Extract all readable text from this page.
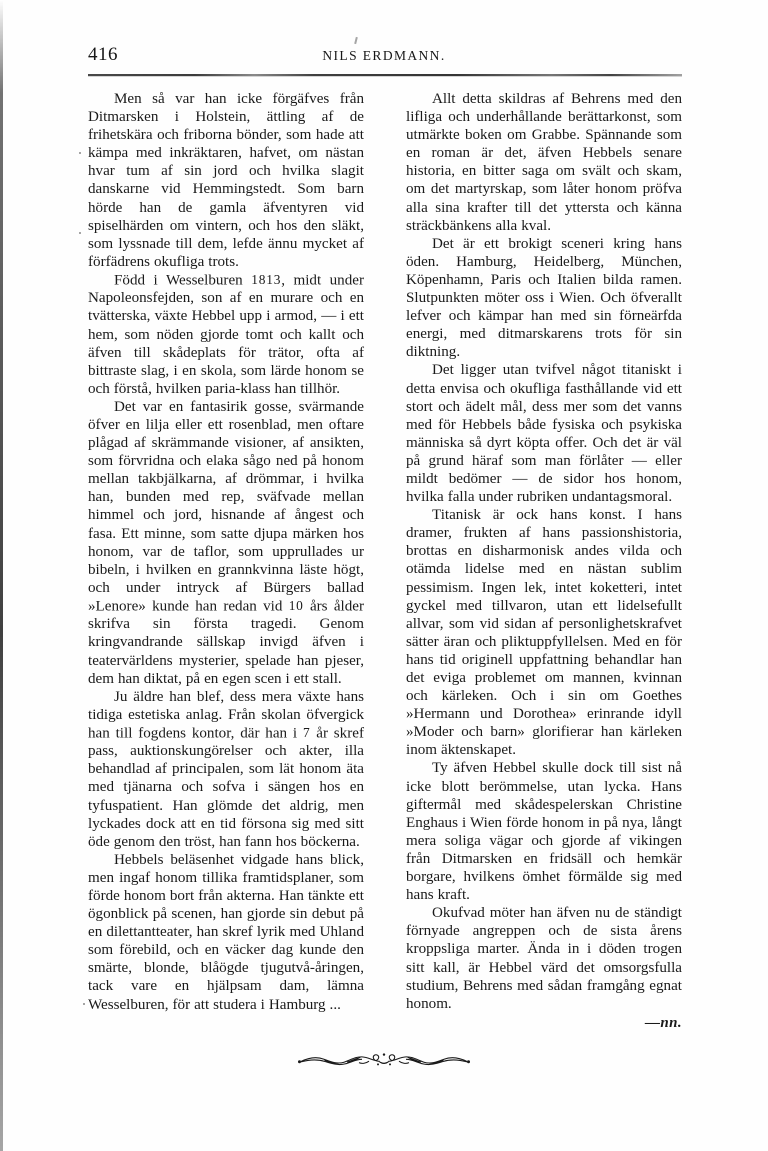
416	NILS ERDMANN.

Men så var han icke förgäfves från Ditmarsken i Holstein, ättling af de frihetskära och friborna bönder, som hade att kämpa med inkräktaren, hafvet, om nästan hvar tum af sin jord och hvilka slagit danskarne vid Hemmingstedt. Som barn hörde han de gamla äfventyren vid spiselhärden om vintern, och hos den släkt, som lyssnade till dem, lefde ännu mycket af förfädrens okufliga trots.

Född i Wesselburen 1813, midt under Napoleonsfejden, son af en murare och en tvätterska, växte Hebbel upp i armod, — i ett hem, som nöden gjorde tomt och kallt och äfven till skådeplats för trätor, ofta af bittraste slag, i en skola, som lärde honom se och förstå, hvilken paria-klass han tillhör.

Det var en fantasirik gosse, svärmande öfver en lilja eller ett rosenblad, men oftare plågad af skrämmande visioner, af ansikten, som förvridna och elaka sågo ned på honom mellan takbjälkarna, af drömmar, i hvilka han, bunden med rep, sväfvade mellan himmel och jord, hisnande af ångest och fasa. Ett minne, som satte djupa märken hos honom, var de taflor, som upprullades ur bibeln, i hvilken en grannkvinna läste högt, och under intryck af Bürgers ballad »Lenore» kunde han redan vid 10 års ålder skrifva sin första tragedi. Genom kringvandrande sällskap invigd äfven i teatervärldens mysterier, spelade han pjeser, dem han diktat, på en egen scen i ett stall.

Ju äldre han blef, dess mera växte hans tidiga estetiska anlag. Från skolan öfvergick han till fogdens kontor, där han i 7 år skref pass, auktionskungörelser och akter, illa behandlad af principalen, som lät honom äta med tjänarna och sofva i sängen hos en tyfuspatient. Han glömde det aldrig, men lyckades dock att en tid försona sig med sitt öde genom den tröst, han fann hos böckerna.

Hebbels beläsenhet vidgade hans blick, men ingaf honom tillika framtidsplaner, som förde honom bort från akterna. Han tänkte ett ögonblick på scenen, han gjorde sin debut på en dilettantteater, han skref lyrik med Uhland som förebild, och en väcker dag kunde den smärte, blonde, blåögde tjugutvå-åringen, tack vare en hjälpsam dam, lämna Wesselburen, för att studera i Hamburg ...

Allt detta skildras af Behrens med den lifliga och underhållande berättarkonst, som utmärkte boken om Grabbe. Spännande som en roman är det, äfven Hebbels senare historia, en bitter saga om svält och skam, om det martyrskap, som låter honom pröfva alla sina krafter till det yttersta och känna sträckbänkens alla kval.

Det är ett brokigt sceneri kring hans öden. Hamburg, Heidelberg, München, Köpenhamn, Paris och Italien bilda ramen. Slutpunkten möter oss i Wien. Och öfverallt lefver och kämpar han med sin förneärfda energi, med ditmarskarens trots för sin diktning.

Det ligger utan tvifvel något titaniskt i detta envisa och okufliga fasthållande vid ett stort och ädelt mål, dess mer som det vanns med för Hebbels både fysiska och psykiska människa så dyrt köpta offer. Och det är väl på grund häraf som man förlåter — eller mildt bedömer — de sidor hos honom, hvilka falla under rubriken undantagsmoral.

Titanisk är ock hans konst. I hans dramer, frukten af hans passionshistoria, brottas en disharmonisk andes vilda och otämda lidelse med en nästan sublim pessimism. Ingen lek, intet koketteri, intet gyckel med tillvaron, utan ett lidelsefullt allvar, som vid sidan af personlighetskrafvet sätter äran och pliktuppfyllelsen. Med en för hans tid originell uppfattning behandlar han det eviga problemet om mannen, kvinnan och kärleken. Och i sin om Goethes »Hermann und Dorothea» erinrande idyll »Moder och barn» glorifierar han kärleken inom äktenskapet.

Ty äfven Hebbel skulle dock till sist nå icke blott berömmelse, utan lycka. Hans giftermål med skådespelerskan Christine Enghaus i Wien förde honom in på nya, långt mera soliga vägar och gjorde af vikingen från Ditmarsken en fridsäll och hemkär borgare, hvilkens ömhet förmälde sig med hans kraft.

Okufvad möter han äfven nu de ständigt förnyade angreppen och de sista årens kroppsliga marter. Ända in i döden trogen sitt kall, är Hebbel värd det omsorgsfulla studium, Behrens med sådan framgång egnat honom.

—nn.
